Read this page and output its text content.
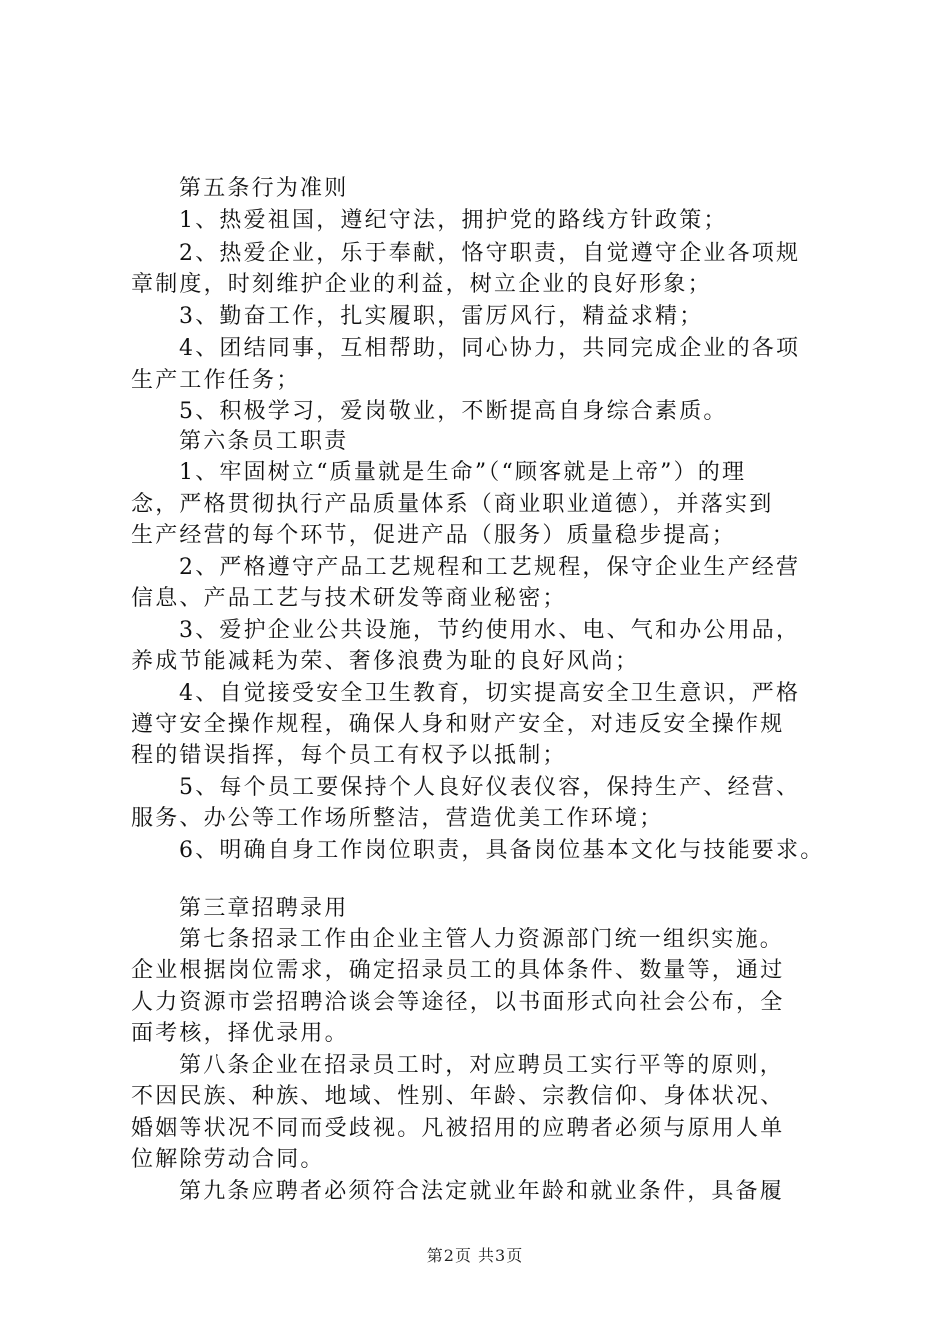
第五条行为准则
1、热爱祖国，遵纪守法，拥护党的路线方针政策；
2、热爱企业，乐于奉献，恪守职责，自觉遵守企业各项规
章制度，时刻维护企业的利益，树立企业的良好形象；
3、勤奋工作，扎实履职，雷厉风行，精益求精；
4、团结同事，互相帮助，同心协力，共同完成企业的各项
生产工作任务；
5、积极学习，爱岗敬业，不断提高自身综合素质。
第六条员工职责
1、牢固树立“质量就是生命”（“顾客就是上帝”）的理
念，严格贯彻执行产品质量体系（商业职业道德），并落实到
生产经营的每个环节，促进产品（服务）质量稳步提高；
2、严格遵守产品工艺规程和工艺规程，保守企业生产经营
信息、产品工艺与技术研发等商业秘密；
3、爱护企业公共设施，节约使用水、电、气和办公用品，
养成节能减耗为荣、奢侈浪费为耻的良好风尚；
4、自觉接受安全卫生教育，切实提高安全卫生意识，严格
遵守安全操作规程，确保人身和财产安全，对违反安全操作规
程的错误指挥，每个员工有权予以抵制；
5、每个员工要保持个人良好仪表仪容，保持生产、经营、
服务、办公等工作场所整洁，营造优美工作环境；
6、明确自身工作岗位职责，具备岗位基本文化与技能要求。
第三章招聘录用
第七条招录工作由企业主管人力资源部门统一组织实施。
企业根据岗位需求，确定招录员工的具体条件、数量等，通过
人力资源市尝招聘洽谈会等途径，以书面形式向社会公布，全
面考核，择优录用。
第八条企业在招录员工时，对应聘员工实行平等的原则，
不因民族、种族、地域、性别、年龄、宗教信仰、身体状况、
婚姻等状况不同而受歧视。凡被招用的应聘者必须与原用人单
位解除劳动合同。
第九条应聘者必须符合法定就业年龄和就业条件，具备履
第2页 共3页
